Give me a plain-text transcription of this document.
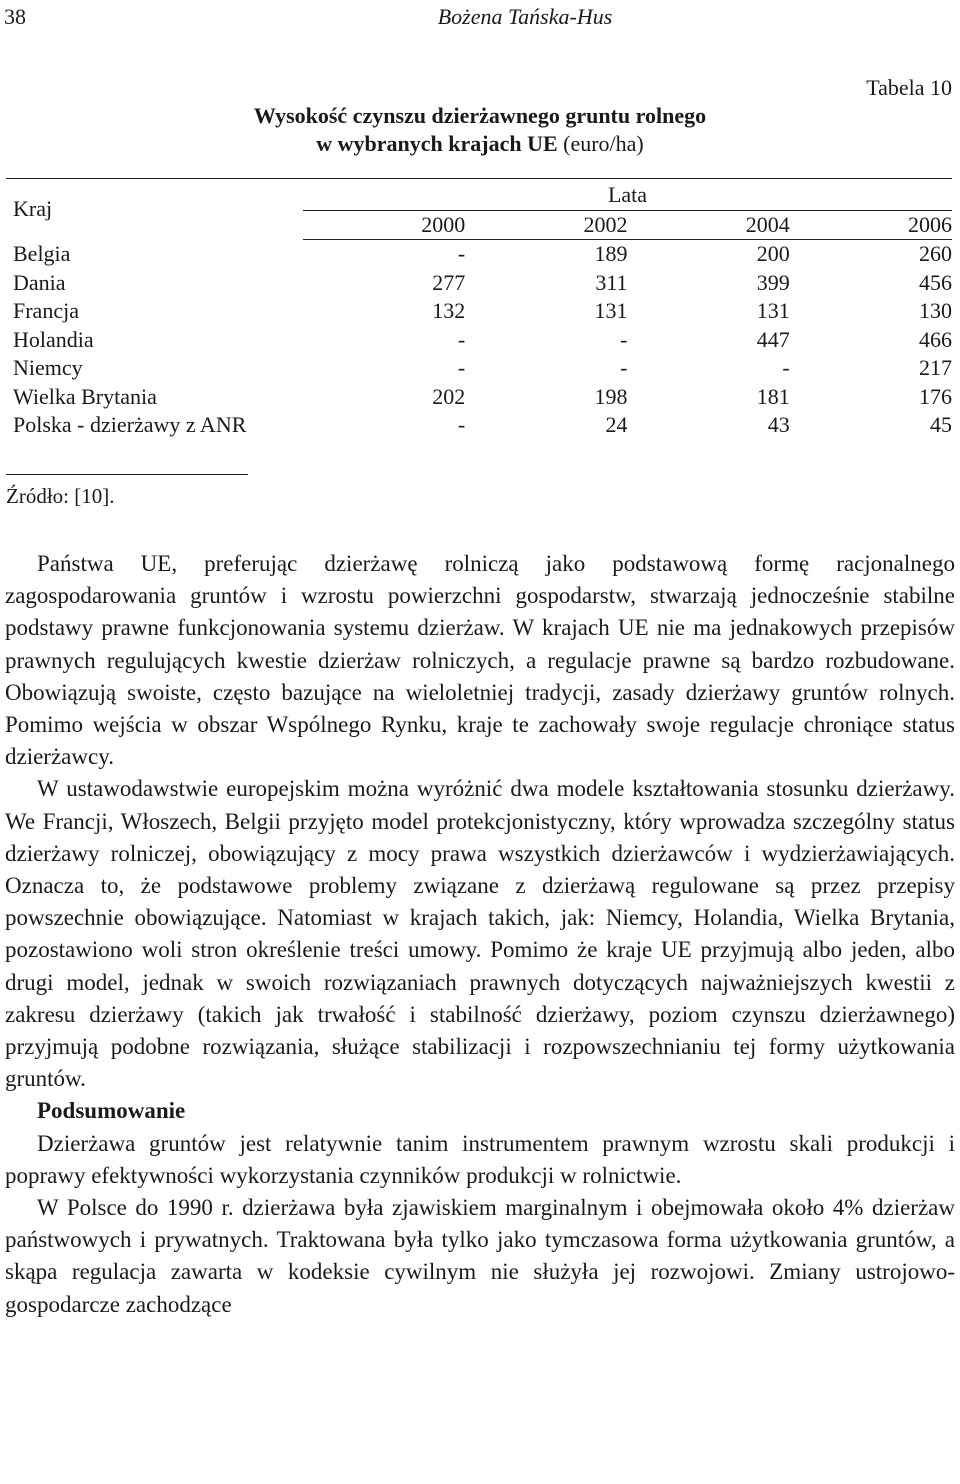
38	Bożena Tańska-Hus
Tabela 10
Wysokość czynszu dzierżawnego gruntu rolnego
w wybranych krajach UE (euro/ha)
Kraj	Lata			
	2000	2002	2004	2006
Belgia	-	189	200	260
Dania	277	311	399	456
Francja	132	131	131	130
Holandia	-	-	447	466
Niemcy	-	-	-	217
Wielka Brytania	202	198	181	176
Polska - dzierżawy z ANR	-	24	43	45
Źródło: [10].

Państwa UE, preferując dzierżawę rolniczą jako podstawową formę racjonalnego zagospodarowania gruntów i wzrostu powierzchni gospodarstw, stwarzają jednocześnie stabilne podstawy prawne funkcjonowania systemu dzierżaw. W krajach UE nie ma jednakowych przepisów prawnych regulujących kwestie dzierżaw rolniczych, a regulacje prawne są bardzo rozbudowane. Obowiązują swoiste, często bazujące na wieloletniej tradycji, zasady dzierżawy gruntów rolnych. Pomimo wejścia w obszar Wspólnego Rynku, kraje te zachowały swoje regulacje chroniące status dzierżawcy.

W ustawodawstwie europejskim można wyróżnić dwa modele kształtowania stosunku dzierżawy. We Francji, Włoszech, Belgii przyjęto model protekcjonistyczny, który wprowadza szczególny status dzierżawy rolniczej, obowiązujący z mocy prawa wszystkich dzierżawców i wydzierżawiających. Oznacza to, że podstawowe problemy związane z dzierżawą regulowane są przez przepisy powszechnie obowiązujące. Natomiast w krajach takich, jak: Niemcy, Holandia, Wielka Brytania, pozostawiono woli stron określenie treści umowy. Pomimo że kraje UE przyjmują albo jeden, albo drugi model, jednak w swoich rozwiązaniach prawnych dotyczących najważniejszych kwestii z zakresu dzierżawy (takich jak trwałość i stabilność dzierżawy, poziom czynszu dzierżawnego) przyjmują podobne rozwiązania, służące stabilizacji i rozpowszechnianiu tej formy użytkowania gruntów.

Podsumowanie

Dzierżawa gruntów jest relatywnie tanim instrumentem prawnym wzrostu skali produkcji i poprawy efektywności wykorzystania czynników produkcji w rolnictwie.

W Polsce do 1990 r. dzierżawa była zjawiskiem marginalnym i obejmowała około 4% dzierżaw państwowych i prywatnych. Traktowana była tylko jako tymczasowa forma użytkowania gruntów, a skąpa regulacja zawarta w kodeksie cywilnym nie służyła jej rozwojowi. Zmiany ustrojowo-gospodarcze zachodzące
